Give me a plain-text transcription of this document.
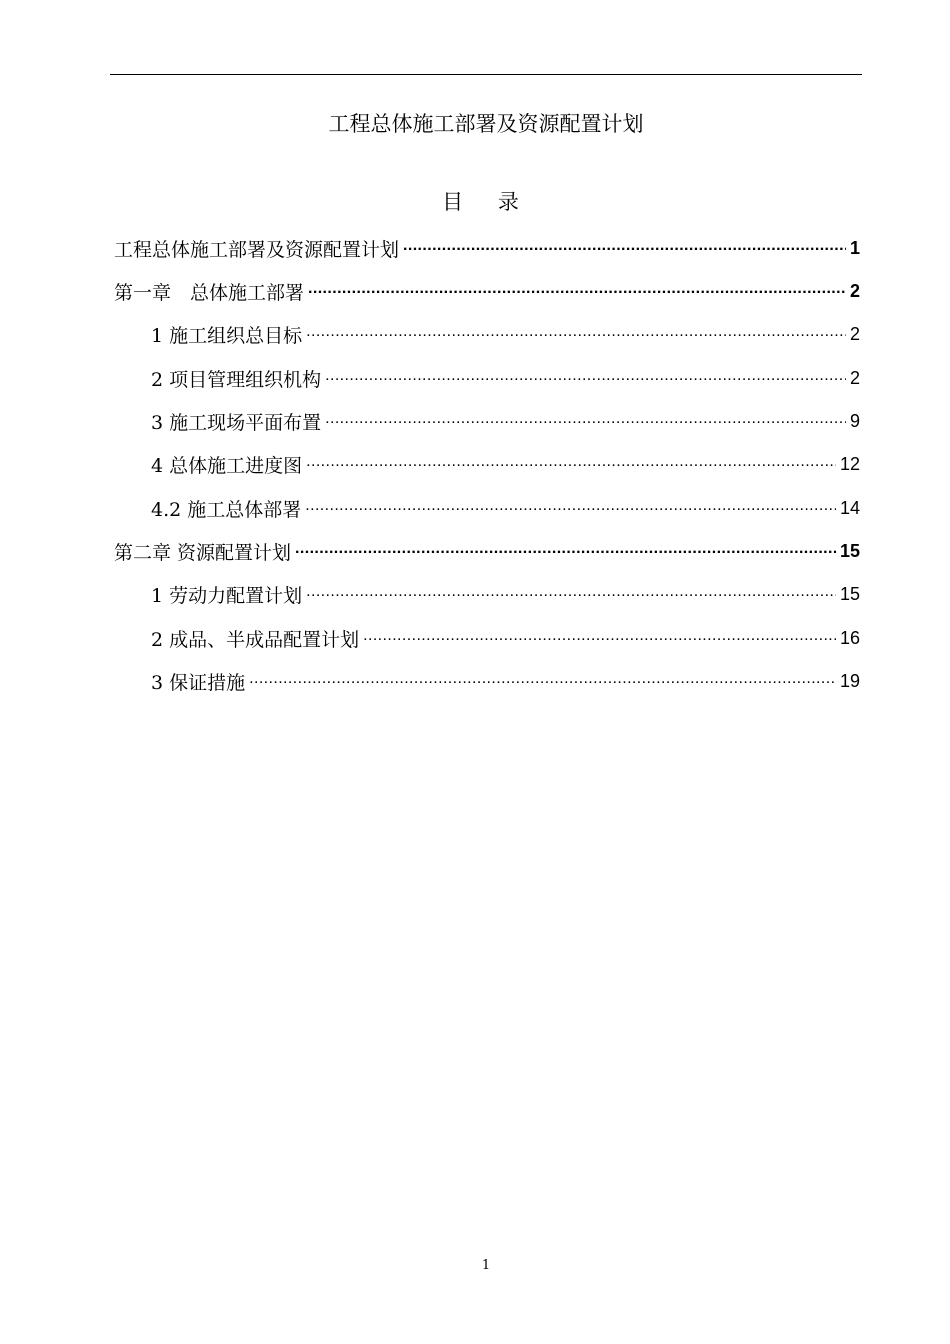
工程总体施工部署及资源配置计划
目 录
工程总体施工部署及资源配置计划 .....	1
第一章　总体施工部署 .....	2
1 施工组织总目标 .....	2
2 项目管理组织机构 .....	2
3 施工现场平面布置 .....	9
4 总体施工进度图 .....	12
4.2 施工总体部署 .....	14
第二章 资源配置计划 .....	15
1 劳动力配置计划 .....	15
2 成品、半成品配置计划 .....	16
3 保证措施 .....	19
1
